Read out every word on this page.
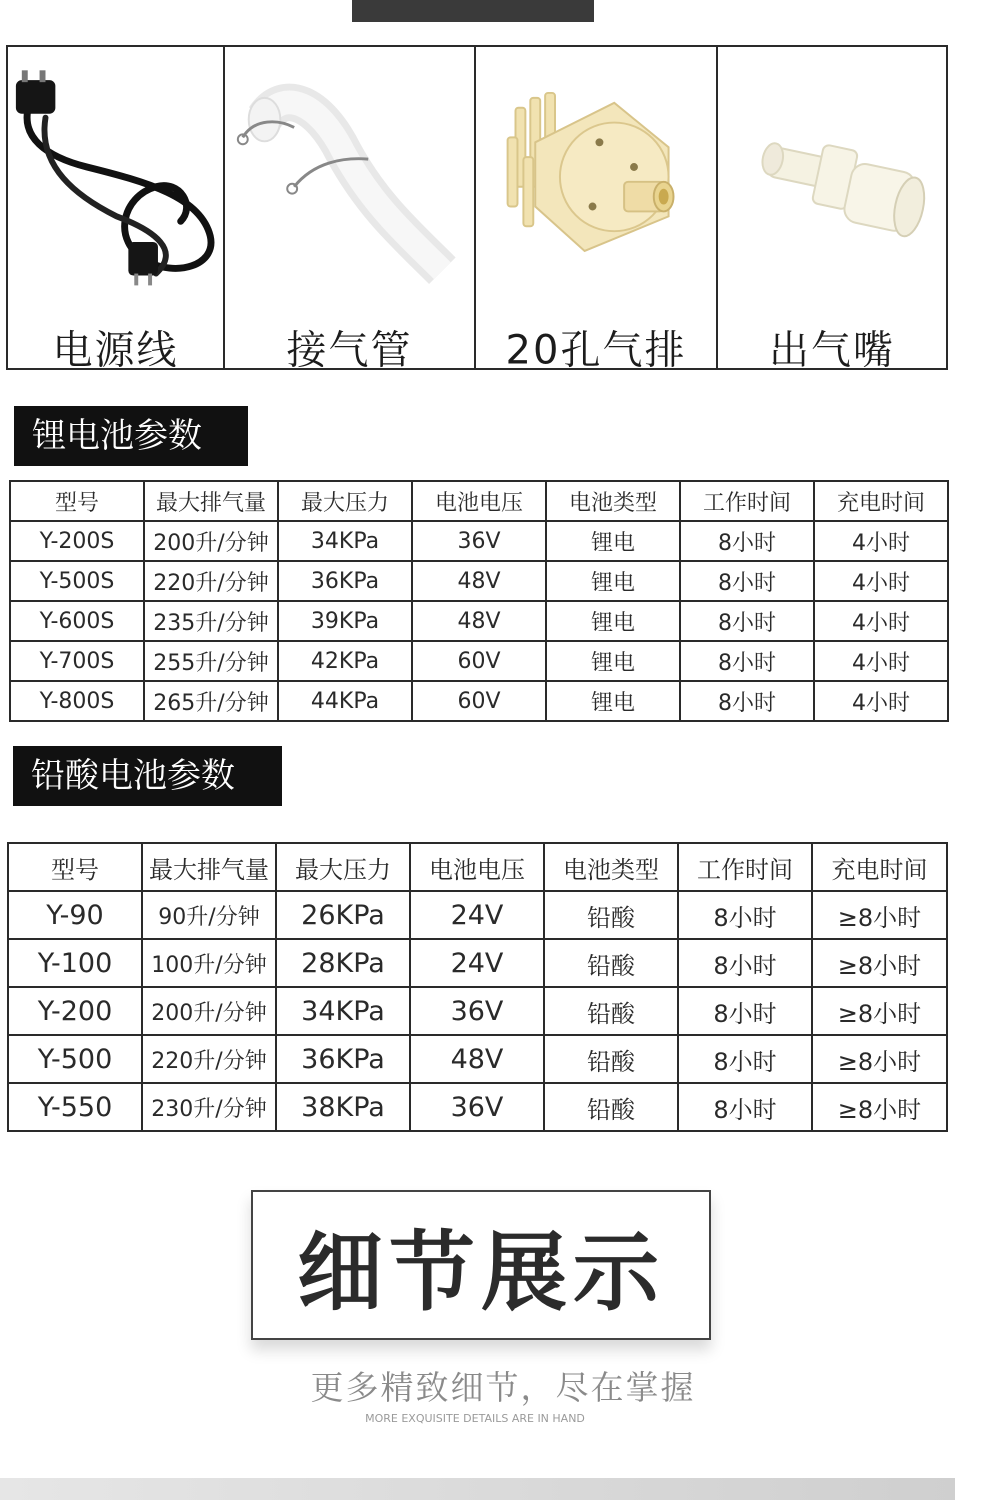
电源线	接气管	20孔气排	出气嘴
锂电池参数
型号	最大排气量	最大压力	电池电压	电池类型	工作时间	充电时间
Y-200S	200升/分钟	34KPa	36V	锂电	8小时	4小时
Y-500S	220升/分钟	36KPa	48V	锂电	8小时	4小时
Y-600S	235升/分钟	39KPa	48V	锂电	8小时	4小时
Y-700S	255升/分钟	42KPa	60V	锂电	8小时	4小时
Y-800S	265升/分钟	44KPa	60V	锂电	8小时	4小时
铅酸电池参数
型号	最大排气量	最大压力	电池电压	电池类型	工作时间	充电时间
Y-90	90升/分钟	26KPa	24V	铅酸	8小时	≥8小时
Y-100	100升/分钟	28KPa	24V	铅酸	8小时	≥8小时
Y-200	200升/分钟	34KPa	36V	铅酸	8小时	≥8小时
Y-500	220升/分钟	36KPa	48V	铅酸	8小时	≥8小时
Y-550	230升/分钟	38KPa	36V	铅酸	8小时	≥8小时
细节展示
更多精致细节，尽在掌握
MORE EXQUISITE DETAILS ARE IN HAND
